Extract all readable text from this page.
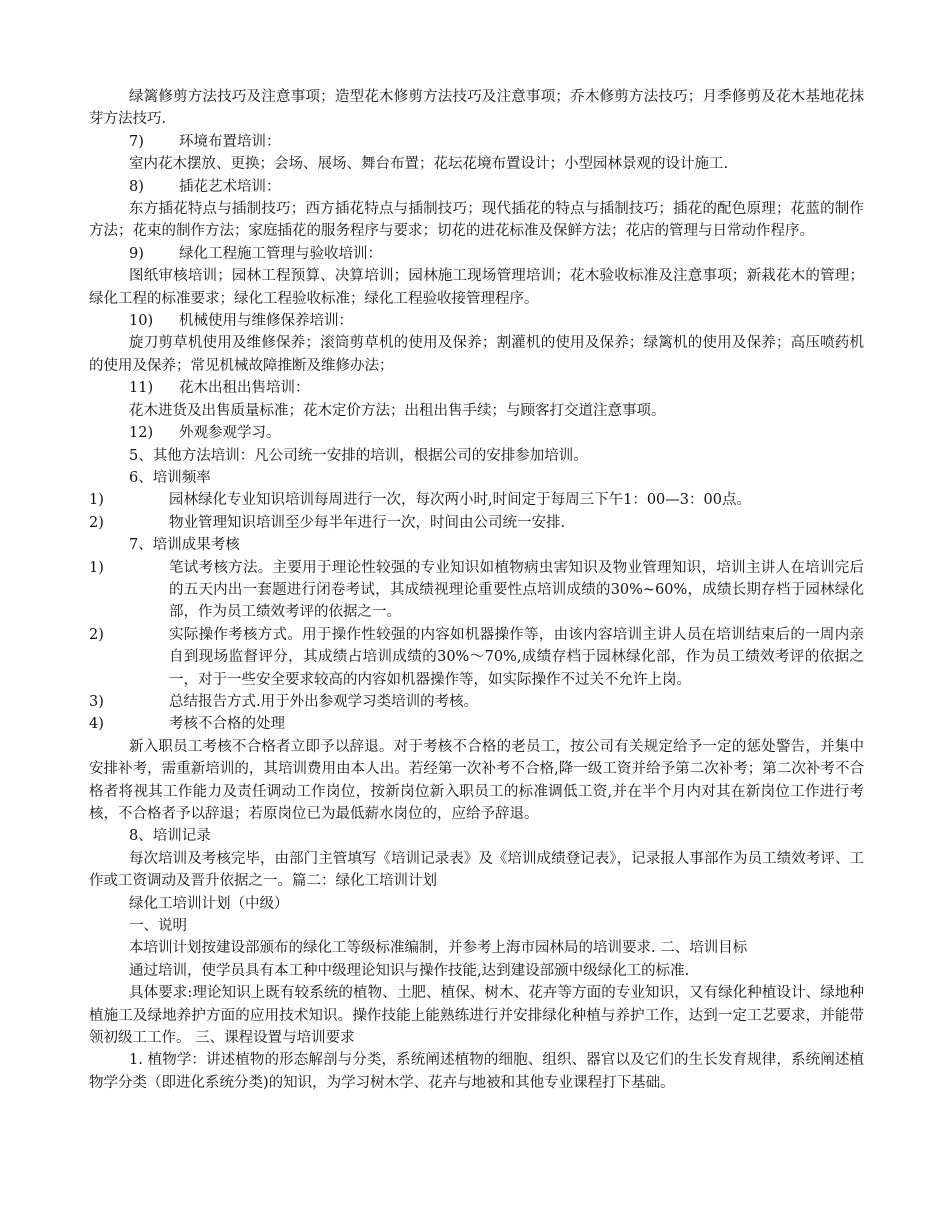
绿篱修剪方法技巧及注意事项；造型花木修剪方法技巧及注意事项；乔木修剪方法技巧；月季修剪及花木基地花抹芽方法技巧.

7) 环境布置培训：

室内花木摆放、更换；会场、展场、舞台布置；花坛花境布置设计；小型园林景观的设计施工.

8) 插花艺术培训：

东方插花特点与插制技巧；西方插花特点与插制技巧；现代插花的特点与插制技巧；插花的配色原理；花蓝的制作方法；花束的制作方法；家庭插花的服务程序与要求；切花的进花标准及保鲜方法；花店的管理与日常动作程序。

9) 绿化工程施工管理与验收培训：

图纸审核培训；园林工程预算、决算培训；园林施工现场管理培训；花木验收标准及注意事项；新栽花木的管理；绿化工程的标准要求；绿化工程验收标准；绿化工程验收接管理程序。

10) 机械使用与维修保养培训：

旋刀剪草机使用及维修保养；滚筒剪草机的使用及保养；割灌机的使用及保养；绿篱机的使用及保养；高压喷药机的使用及保养；常见机械故障推断及维修办法；

11) 花木出租出售培训：

花木进货及出售质量标准；花木定价方法；出租出售手续；与顾客打交道注意事项。

12) 外观参观学习。

5、其他方法培训：凡公司统一安排的培训，根据公司的安排参加培训。

6、培训频率

1)	园林绿化专业知识培训每周进行一次，每次两小时,时间定于每周三下午1：00—3：00点。
2)	物业管理知识培训至少每半年进行一次，时间由公司统一安排.

7、培训成果考核

1)	笔试考核方法。主要用于理论性较强的专业知识如植物病虫害知识及物业管理知识，培训主讲人在培训完后的五天内出一套题进行闭卷考试，其成绩视理论重要性点培训成绩的30%~60%，成绩长期存档于园林绿化部，作为员工绩效考评的依据之一。
2)	实际操作考核方式。用于操作性较强的内容如机器操作等，由该内容培训主讲人员在培训结束后的一周内亲自到现场监督评分，其成绩占培训成绩的30%～70%,成绩存档于园林绿化部，作为员工绩效考评的依据之一，对于一些安全要求较高的内容如机器操作等，如实际操作不过关不允许上岗。
3)	总结报告方式.用于外出参观学习类培训的考核。
4)	考核不合格的处理

新入职员工考核不合格者立即予以辞退。对于考核不合格的老员工，按公司有关规定给予一定的惩处警告，并集中安排补考，需重新培训的，其培训费用由本人出。若经第一次补考不合格,降一级工资并给予第二次补考；第二次补考不合格者将视其工作能力及责任调动工作岗位，按新岗位新入职员工的标准调低工资,并在半个月内对其在新岗位工作进行考核，不合格者予以辞退；若原岗位已为最低薪水岗位的，应给予辞退。

8、培训记录

每次培训及考核完毕，由部门主管填写《培训记录表》及《培训成绩登记表》，记录报人事部作为员工绩效考评、工作或工资调动及晋升依据之一。篇二：绿化工培训计划

绿化工培训计划（中级）

一、说明

本培训计划按建设部颁布的绿化工等级标准编制，并参考上海市园林局的培训要求. 二、培训目标

通过培训，使学员具有本工种中级理论知识与操作技能,达到建设部颁中级绿化工的标准.

具体要求:理论知识上既有较系统的植物、土肥、植保、树木、花卉等方面的专业知识，又有绿化种植设计、绿地种植施工及绿地养护方面的应用技术知识。操作技能上能熟练进行并安排绿化种植与养护工作，达到一定工艺要求，并能带领初级工工作。 三、课程设置与培训要求

1. 植物学：讲述植物的形态解剖与分类，系统阐述植物的细胞、组织、器官以及它们的生长发育规律，系统阐述植物学分类（即进化系统分类)的知识，为学习树木学、花卉与地被和其他专业课程打下基础。
